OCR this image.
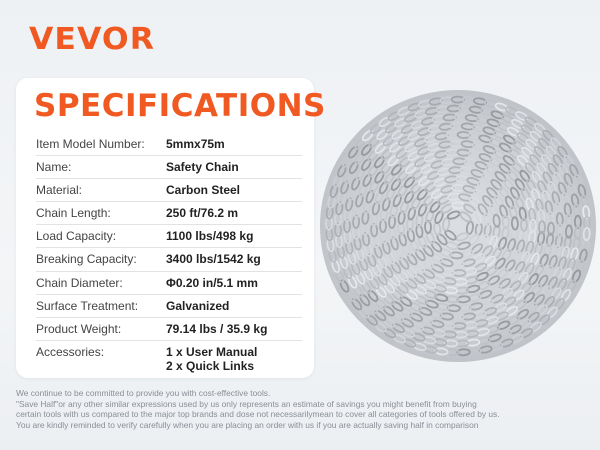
VEVOR
SPECIFICATIONS
Item Model Number:	5mmx75m
Name:	Safety Chain
Material:	Carbon Steel
Chain Length:	250 ft/76.2 m
Load Capacity:	1100 lbs/498 kg
Breaking Capacity:	3400 lbs/1542 kg
Chain Diameter:	Φ0.20 in/5.1 mm
Surface Treatment:	Galvanized
Product Weight:	79.14 lbs / 35.9 kg
Accessories:	1 x User Manual
2 x Quick Links
We continue to be committed to provide you with cost-effective tools.
"Save Half"or any other similar expressions used by us only represents an estimate of savings you might benefit from buying
certain tools with us compared to the major top brands and dose not necessarilymean to cover all categories of tools offered by us.
You are kindly reminded to verify carefully when you are placing an order with us if you are actually saving half in comparison
